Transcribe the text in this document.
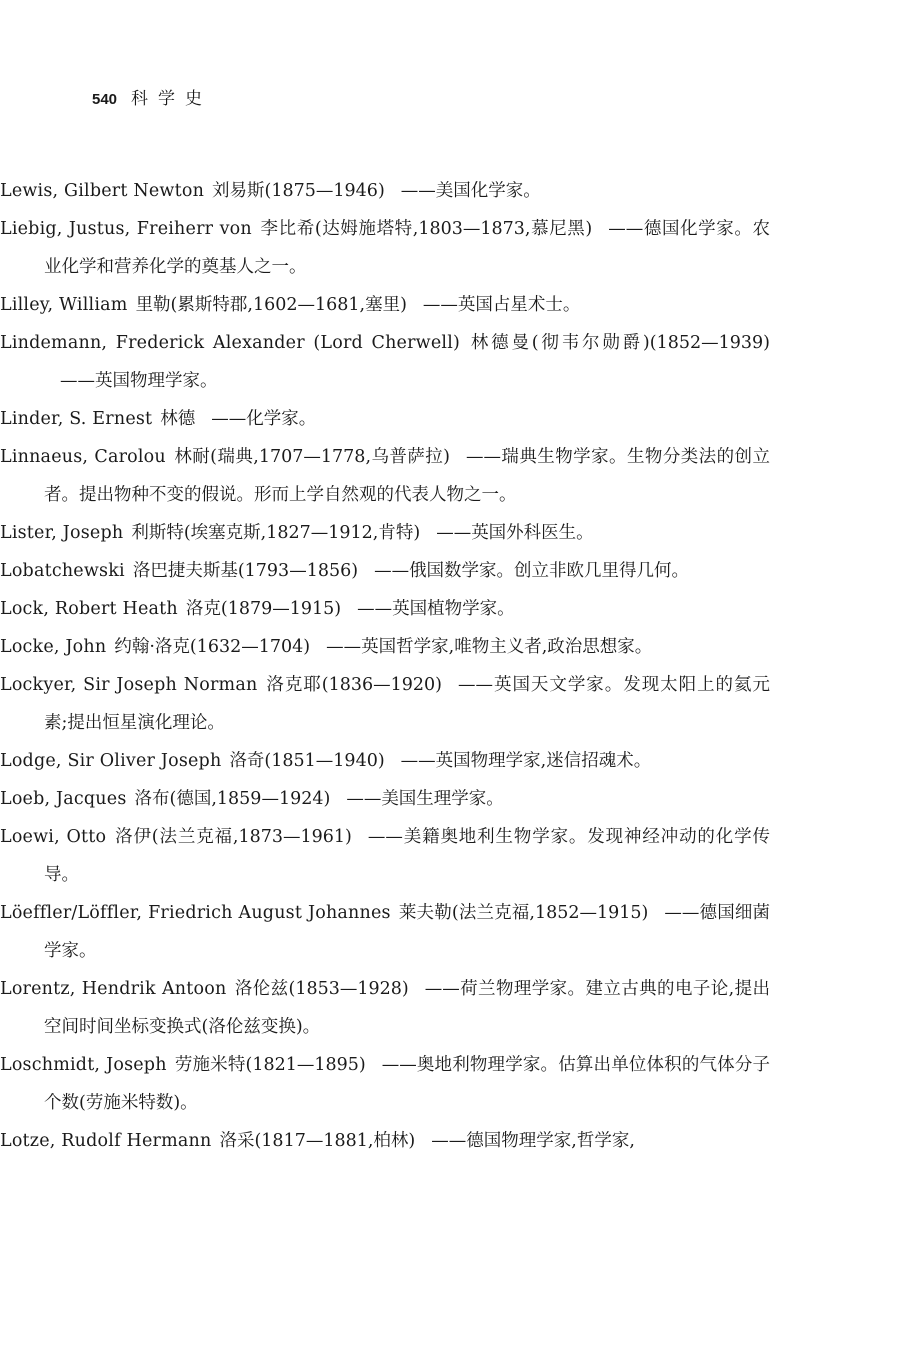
540 科学史
Lewis, Gilbert Newton 刘易斯(1875—1946) ——美国化学家。
Liebig, Justus, Freiherr von 李比希(达姆施塔特,1803—1873,慕尼黑) ——德国化学家。农业化学和营养化学的奠基人之一。
Lilley, William 里勒(累斯特郡,1602—1681,塞里) ——英国占星术士。
Lindemann, Frederick Alexander (Lord Cherwell) 林德曼(彻韦尔勋爵)(1852—1939)——英国物理学家。
Linder, S. Ernest 林德 ——化学家。
Linnaeus, Carolou 林耐(瑞典,1707—1778,乌普萨拉) ——瑞典生物学家。生物分类法的创立者。提出物种不变的假说。形而上学自然观的代表人物之一。
Lister, Joseph 利斯特(埃塞克斯,1827—1912,肯特) ——英国外科医生。
Lobatchewski 洛巴捷夫斯基(1793—1856) ——俄国数学家。创立非欧几里得几何。
Lock, Robert Heath 洛克(1879—1915) ——英国植物学家。
Locke, John 约翰·洛克(1632—1704) ——英国哲学家,唯物主义者,政治思想家。
Lockyer, Sir Joseph Norman 洛克耶(1836—1920) ——英国天文学家。发现太阳上的氦元素;提出恒星演化理论。
Lodge, Sir Oliver Joseph 洛奇(1851—1940) ——英国物理学家,迷信招魂术。
Loeb, Jacques 洛布(德国,1859—1924) ——美国生理学家。
Loewi, Otto 洛伊(法兰克福,1873—1961) ——美籍奥地利生物学家。发现神经冲动的化学传导。
Löeffler/Löffler, Friedrich August Johannes 莱夫勒(法兰克福,1852—1915) ——德国细菌学家。
Lorentz, Hendrik Antoon 洛伦兹(1853—1928) ——荷兰物理学家。建立古典的电子论,提出空间时间坐标变换式(洛伦兹变换)。
Loschmidt, Joseph 劳施米特(1821—1895) ——奥地利物理学家。估算出单位体积的气体分子个数(劳施米特数)。
Lotze, Rudolf Hermann 洛采(1817—1881,柏林) ——德国物理学家,哲学家,
